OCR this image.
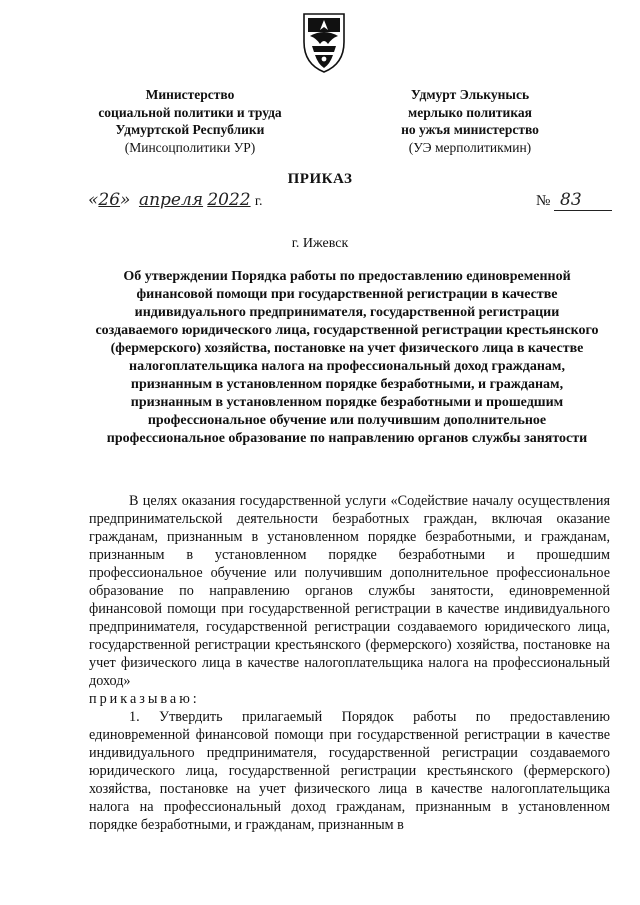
Министерство
социальной политики и труда
Удмуртской Республики
(Минсоцполитики УР)
Удмурт Элькунысь
мерлыко политикая
но ужъя министерство
(УЭ мерполитикмин)
ПРИКАЗ
«26» апреля 2022 г.	№ 83
г. Ижевск
Об утверждении Порядка работы по предоставлению единовременной финансовой помощи при государственной регистрации в качестве индивидуального предпринимателя, государственной регистрации создаваемого юридического лица, государственной регистрации крестьянского (фермерского) хозяйства, постановке на учет физического лица в качестве налогоплательщика налога на профессиональный доход гражданам, признанным в установленном порядке безработными, и гражданам, признанным в установленном порядке безработными и прошедшим профессиональное обучение или получившим дополнительное профессиональное образование по направлению органов службы занятости

В целях оказания государственной услуги «Содействие началу осуществления предпринимательской деятельности безработных граждан, включая оказание гражданам, признанным в установленном порядке безработными, и гражданам, признанным в установленном порядке безработными и прошедшим профессиональное обучение или получившим дополнительное профессиональное образование по направлению органов службы занятости, единовременной финансовой помощи при государственной регистрации в качестве индивидуального предпринимателя, государственной регистрации создаваемого юридического лица, государственной регистрации крестьянского (фермерского) хозяйства, постановке на учет физического лица в качестве налогоплательщика налога на профессиональный доход»

приказываю:

1. Утвердить прилагаемый Порядок работы по предоставлению единовременной финансовой помощи при государственной регистрации в качестве индивидуального предпринимателя, государственной регистрации создаваемого юридического лица, государственной регистрации крестьянского (фермерского) хозяйства, постановке на учет физического лица в качестве налогоплательщика налога на профессиональный доход гражданам, признанным в установленном порядке безработными, и гражданам, признанным в
